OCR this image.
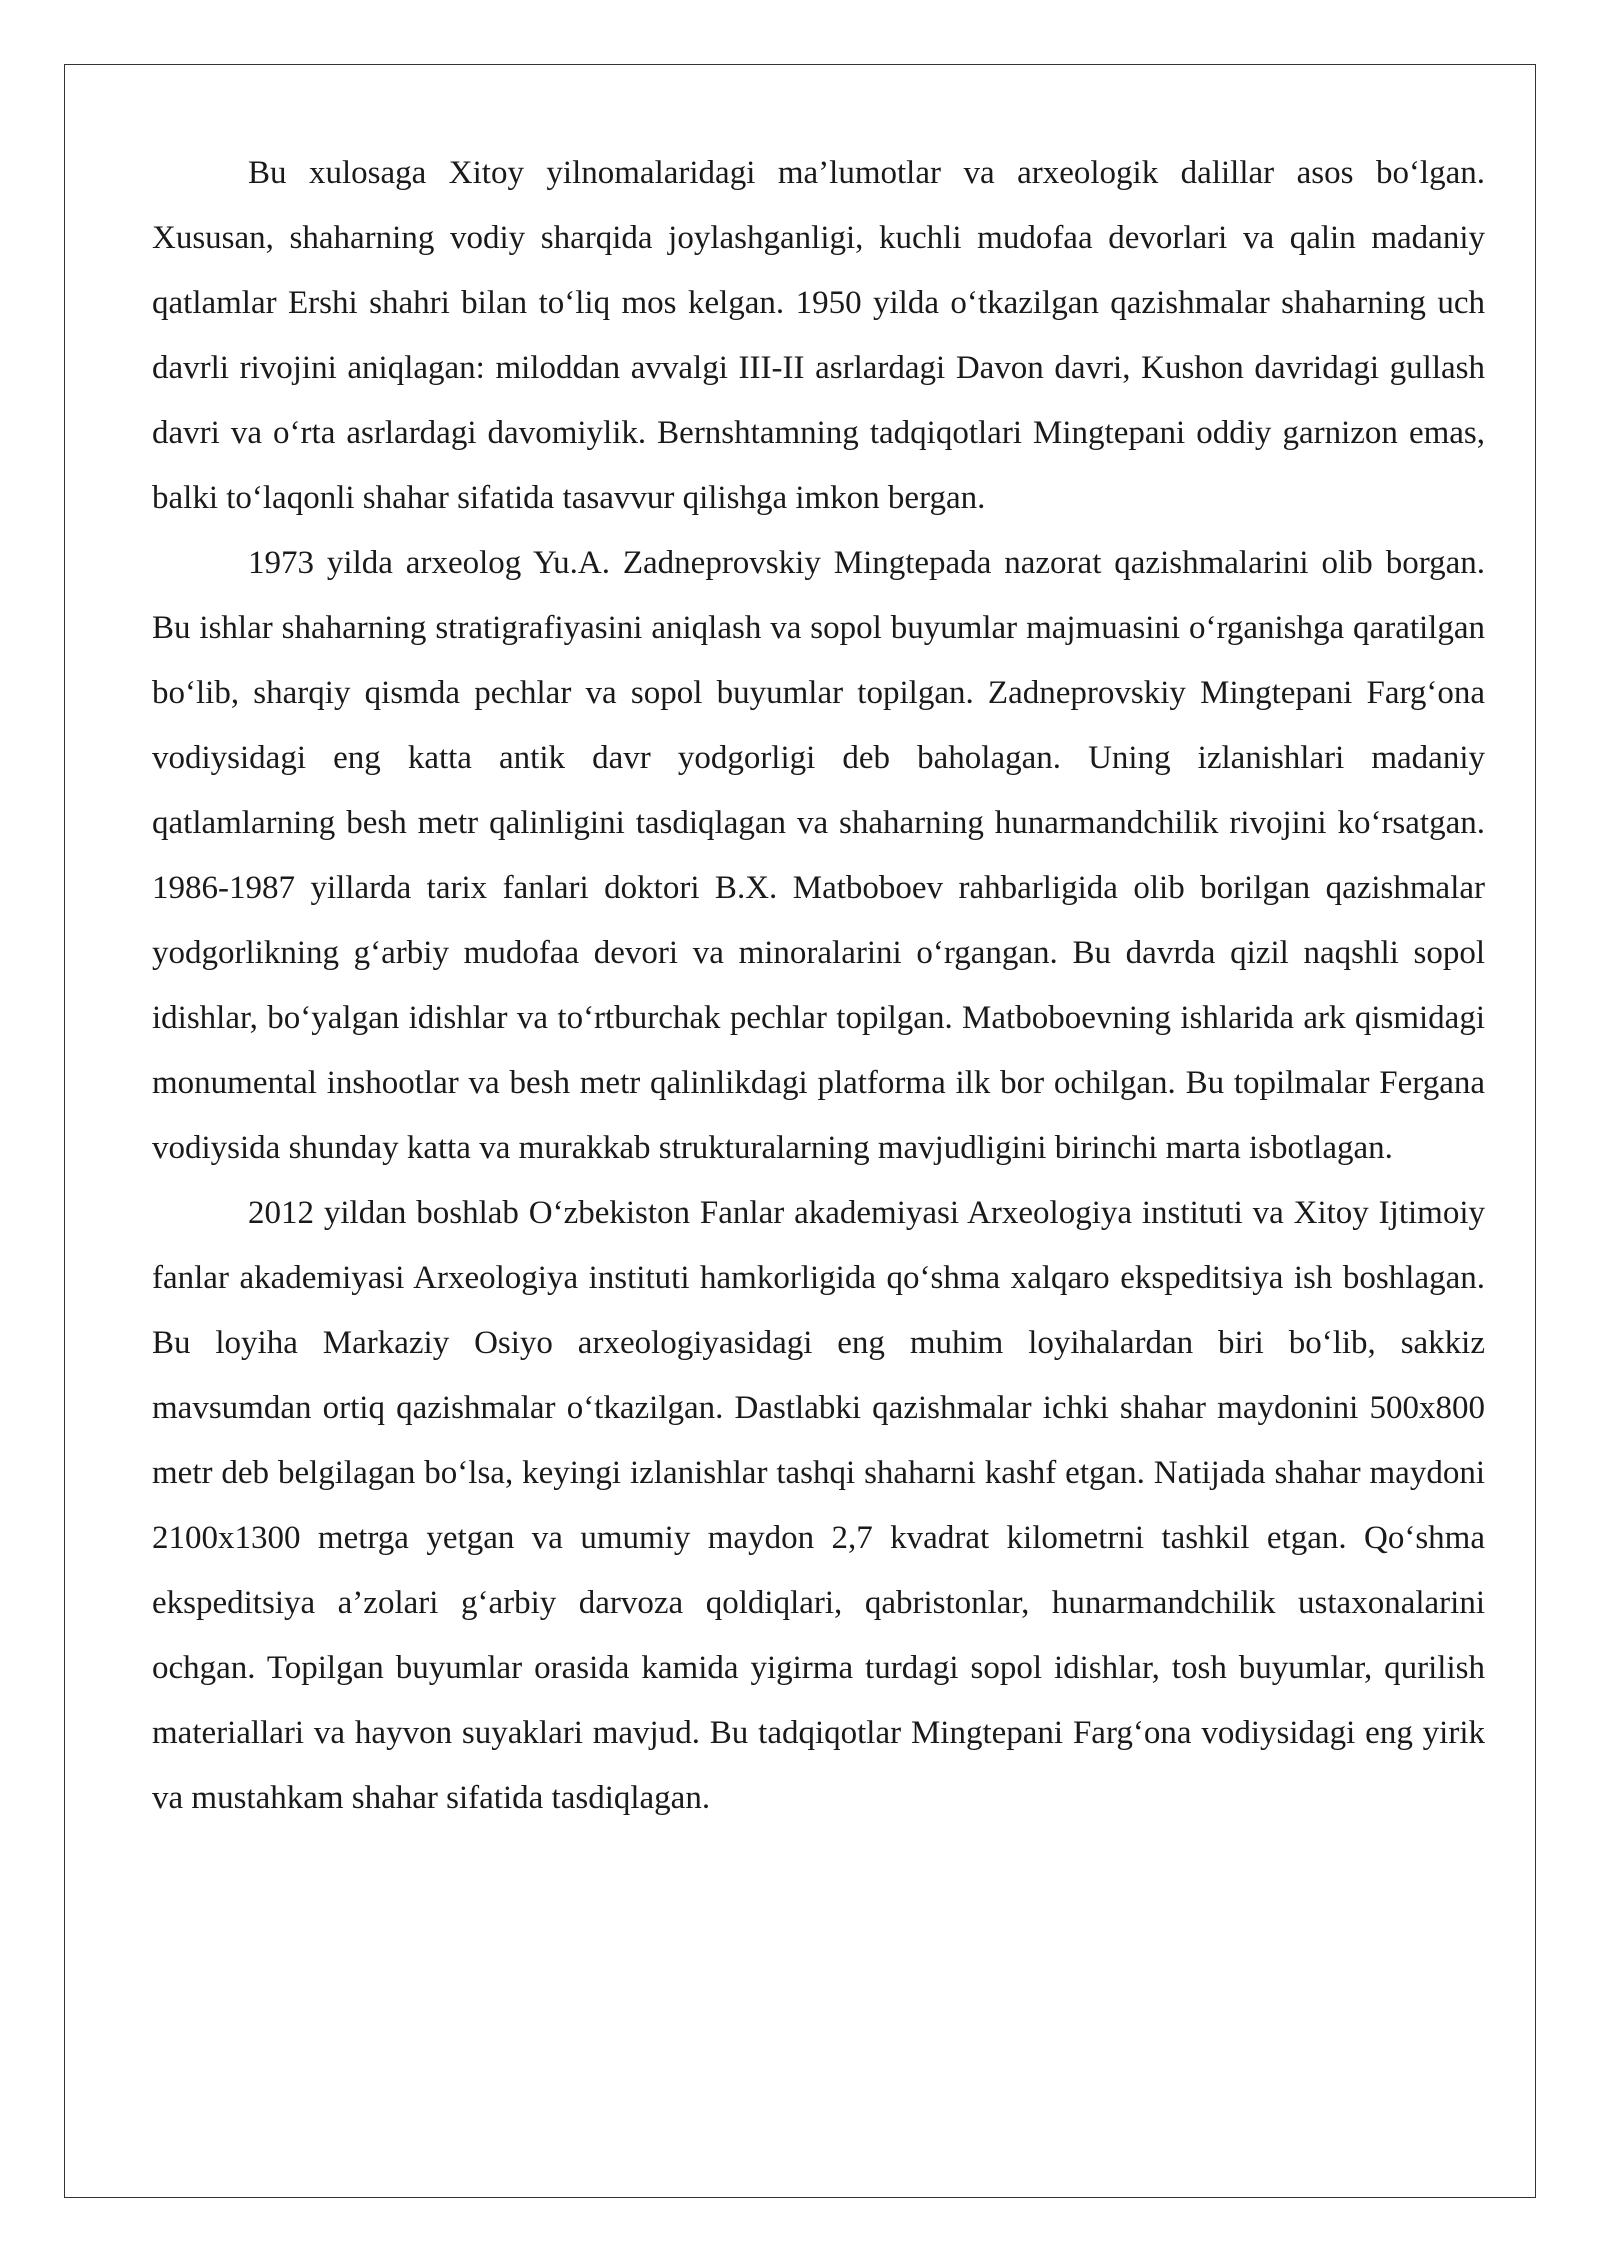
Bu xulosaga Xitoy yilnomalaridagi ma’lumotlar va arxeologik dalillar asos bo‘lgan. Xususan, shaharning vodiy sharqida joylashganligi, kuchli mudofaa devorlari va qalin madaniy qatlamlar Ershi shahri bilan to‘liq mos kelgan. 1950 yilda o‘tkazilgan qazishmalar shaharning uch davrli rivojini aniqlagan: miloddan avvalgi III-II asrlardagi Davon davri, Kushon davridagi gullash davri va o‘rta asrlardagi davomiylik. Bernshtamning tadqiqotlari Mingtepani oddiy garnizon emas, balki to‘laqonli shahar sifatida tasavvur qilishga imkon bergan.

1973 yilda arxeolog Yu.A. Zadneprovskiy Mingtepada nazorat qazishmalarini olib borgan. Bu ishlar shaharning stratigrafiyasini aniqlash va sopol buyumlar majmuasini o‘rganishga qaratilgan bo‘lib, sharqiy qismda pechlar va sopol buyumlar topilgan. Zadneprovskiy Mingtepani Farg‘ona vodiysidagi eng katta antik davr yodgorligi deb baholagan. Uning izlanishlari madaniy qatlamlarning besh metr qalinligini tasdiqlagan va shaharning hunarmandchilik rivojini ko‘rsatgan. 1986-1987 yillarda tarix fanlari doktori B.X. Matboboev rahbarligida olib borilgan qazishmalar yodgorlikning g‘arbiy mudofaa devori va minoralarini o‘rgangan. Bu davrda qizil naqshli sopol idishlar, bo‘yalgan idishlar va to‘rtburchak pechlar topilgan. Matboboevning ishlarida ark qismidagi monumental inshootlar va besh metr qalinlikdagi platforma ilk bor ochilgan. Bu topilmalar Fergana vodiysida shunday katta va murakkab strukturalarning mavjudligini birinchi marta isbotlagan.

2012 yildan boshlab O‘zbekiston Fanlar akademiyasi Arxeologiya instituti va Xitoy Ijtimoiy fanlar akademiyasi Arxeologiya instituti hamkorligida qo‘shma xalqaro ekspeditsiya ish boshlagan. Bu loyiha Markaziy Osiyo arxeologiyasidagi eng muhim loyihalardan biri bo‘lib, sakkiz mavsumdan ortiq qazishmalar o‘tkazilgan. Dastlabki qazishmalar ichki shahar maydonini 500x800 metr deb belgilagan bo‘lsa, keyingi izlanishlar tashqi shaharni kashf etgan. Natijada shahar maydoni 2100x1300 metrga yetgan va umumiy maydon 2,7 kvadrat kilometrni tashkil etgan. Qo‘shma ekspeditsiya a’zolari g‘arbiy darvoza qoldiqlari, qabristonlar, hunarmandchilik ustaxonalarini ochgan. Topilgan buyumlar orasida kamida yigirma turdagi sopol idishlar, tosh buyumlar, qurilish materiallari va hayvon suyaklari mavjud. Bu tadqiqotlar Mingtepani Farg‘ona vodiysidagi eng yirik va mustahkam shahar sifatida tasdiqlagan.
